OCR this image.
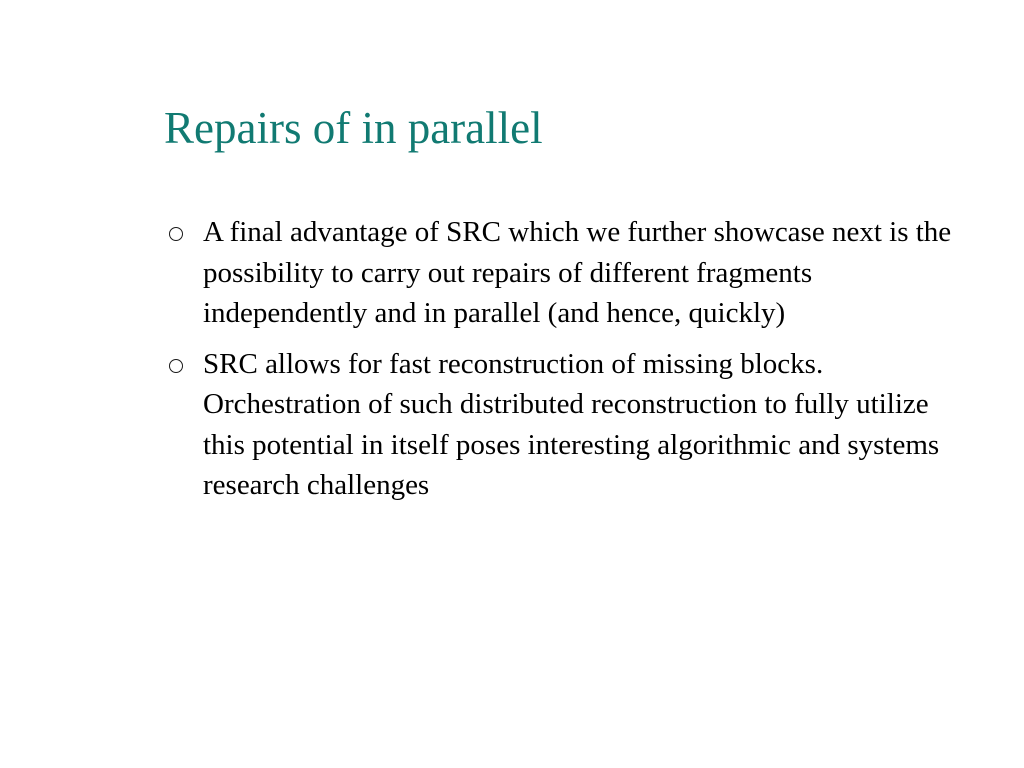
Repairs of in parallel
A final advantage of SRC which we further showcase next is the possibility to carry out repairs of different fragments independently and in parallel (and hence, quickly)
SRC allows for fast reconstruction of missing blocks. Orchestration of such distributed reconstruction to fully utilize this potential in itself poses interesting algorithmic and systems research challenges
